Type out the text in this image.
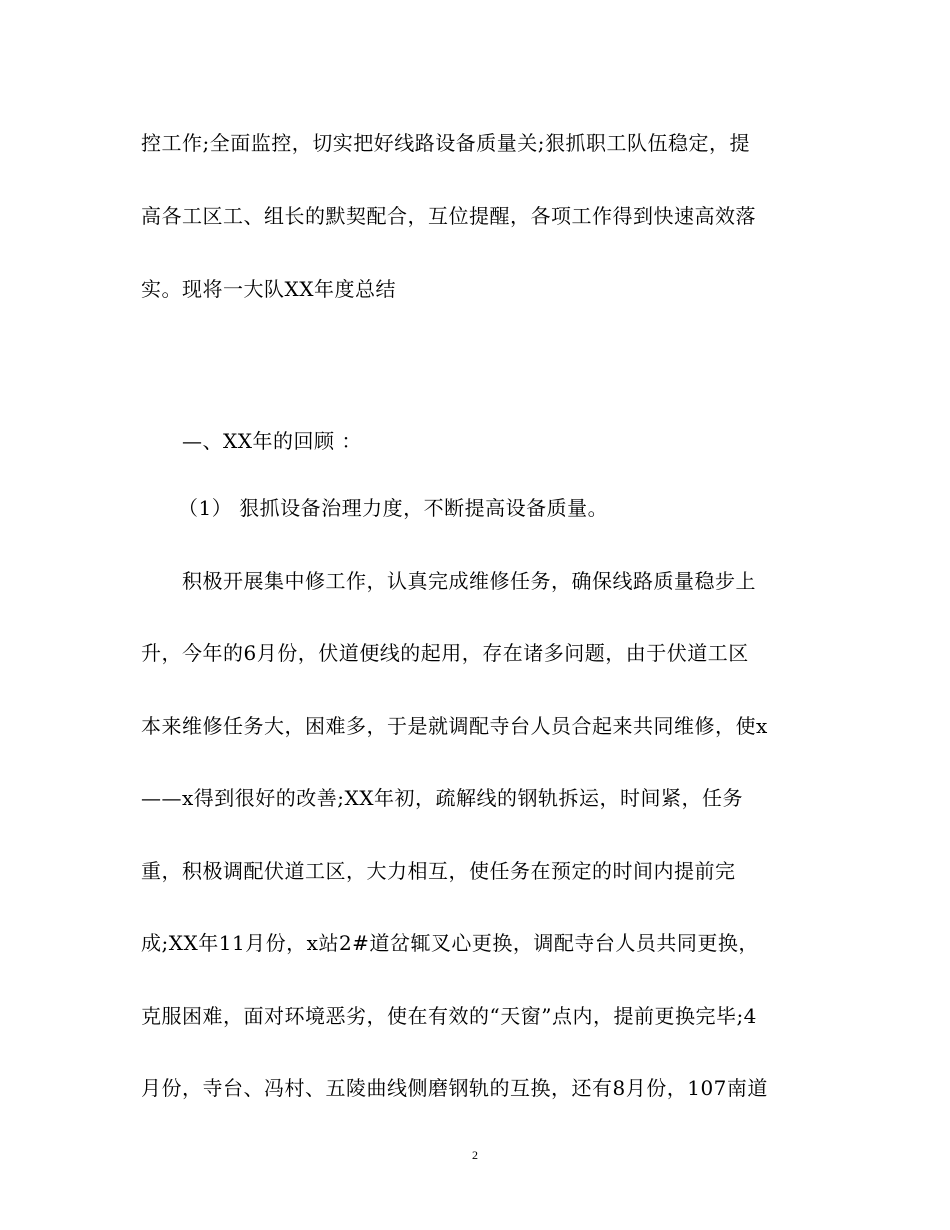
控工作;全面监控，切实把好线路设备质量关;狠抓职工队伍稳定，提
高各工区工、组长的默契配合，互位提醒，各项工作得到快速高效落
实。现将一大队XX年度总结
—、XX年的回顾 ：
（1） 狠抓设备治理力度，不断提高设备质量。
积极开展集中修工作，认真完成维修任务，确保线路质量稳步上
升，今年的6月份，伏道便线的起用，存在诸多问题，由于伏道工区
本来维修任务大，困难多，于是就调配寺台人员合起来共同维修，使x
——x得到很好的改善;XX年初，疏解线的钢轨拆运，时间紧，任务
重，积极调配伏道工区，大力相互，使任务在预定的时间内提前完
成;XX年11月份，x站2#道岔辄叉心更换，调配寺台人员共同更换，
克服困难，面对环境恶劣，使在有效的“天窗”点内，提前更换完毕;4
月份，寺台、冯村、五陵曲线侧磨钢轨的互换，还有8月份，107南道
2
